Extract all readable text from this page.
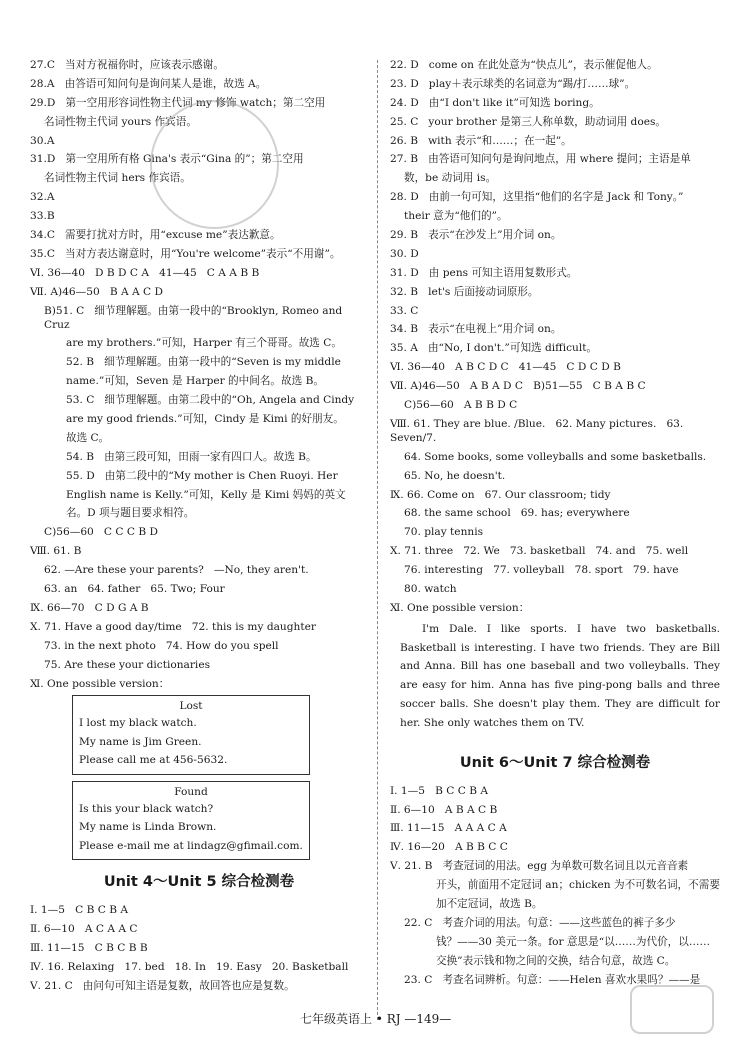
27.C   当对方祝福你时，应该表示感谢。
28.A   由答语可知问句是询问某人是谁，故选 A。
29.D   第一空用形容词性物主代词 my 修饰 watch；第二空用
名词性物主代词 yours 作宾语。
30.A
31.D   第一空用所有格 Gina's 表示“Gina 的”；第二空用
名词性物主代词 hers 作宾语。
32.A
33.B
34.C   需要打扰对方时，用“excuse me”表达歉意。
35.C   当对方表达谢意时，用“You're welcome”表示“不用谢”。
Ⅵ. 36—40   D B D C A   41—45   C A A B B
Ⅶ. A)46—50   B A A C D
B)51. C   细节理解题。由第一段中的“Brooklyn, Romeo and Cruz
are my brothers.”可知，Harper 有三个哥哥。故选 C。
52. B   细节理解题。由第一段中的“Seven is my middle
name.”可知，Seven 是 Harper 的中间名。故选 B。
53. C   细节理解题。由第二段中的“Oh, Angela and Cindy
are my good friends.”可知，Cindy 是 Kimi 的好朋友。
故选 C。
54. B   由第三段可知，田雨一家有四口人。故选 B。
55. D   由第二段中的“My mother is Chen Ruoyi. Her
English name is Kelly.”可知，Kelly 是 Kimi 妈妈的英文
名。D 项与题目要求相符。
C)56—60   C C C B D
Ⅷ. 61. B
62. —Are these your parents?   —No, they aren't.
63. an   64. father   65. Two; Four
Ⅸ. 66—70   C D G A B
Ⅹ. 71. Have a good day/time   72. this is my daughter
73. in the next photo   74. How do you spell
75. Are these your dictionaries
Ⅺ. One possible version：
Lost
I lost my black watch.
My name is Jim Green.
Please call me at 456-5632.
Found
Is this your black watch?
My name is Linda Brown.
Please e-mail me at lindagz@gfimail.com.
Unit 4～Unit 5 综合检测卷
Ⅰ. 1—5   C B C B A
Ⅱ. 6—10   A C A A C
Ⅲ. 11—15   C B C B B
Ⅳ. 16. Relaxing   17. bed   18. In   19. Easy   20. Basketball
Ⅴ. 21. C   由问句可知主语是复数，故回答也应是复数。
22. D   come on 在此处意为“快点儿”，表示催促他人。
23. D   play＋表示球类的名词意为“踢/打……球”。
24. D   由“I don't like it”可知选 boring。
25. C   your brother 是第三人称单数，助动词用 does。
26. B   with 表示“和……；在一起”。
27. B   由答语可知问句是询问地点，用 where 提问；主语是单
数，be 动词用 is。
28. D   由前一句可知，这里指“他们的名字是 Jack 和 Tony。”
their 意为“他们的”。
29. B   表示“在沙发上”用介词 on。
30. D
31. D   由 pens 可知主语用复数形式。
32. B   let's 后面接动词原形。
33. C
34. B   表示“在电视上”用介词 on。
35. A   由“No, I don't.”可知选 difficult。
Ⅵ. 36—40   A B C D C   41—45   C D C D B
Ⅶ. A)46—50   A B A D C   B)51—55   C B A B C
C)56—60   A B B D C
Ⅷ. 61. They are blue. /Blue.   62. Many pictures.   63. Seven/7.
64. Some books, some volleyballs and some basketballs.
65. No, he doesn't.
Ⅸ. 66. Come on   67. Our classroom; tidy
68. the same school   69. has; everywhere
70. play tennis
Ⅹ. 71. three   72. We   73. basketball   74. and   75. well
76. interesting   77. volleyball   78. sport   79. have
80. watch
Ⅺ. One possible version：

I'm Dale. I like sports. I have two basketballs. Basketball is interesting. I have two friends. They are Bill and Anna. Bill has one baseball and two volleyballs. They are easy for him. Anna has five ping-pong balls and three soccer balls. She doesn't play them. They are difficult for her. She only watches them on TV.

Unit 6～Unit 7 综合检测卷
Ⅰ. 1—5   B C C B A
Ⅱ. 6—10   A B A C B
Ⅲ. 11—15   A A A C A
Ⅳ. 16—20   A B B C C
Ⅴ. 21. B   考查冠词的用法。egg 为单数可数名词且以元音音素
开头，前面用不定冠词 an；chicken 为不可数名词，不需要
加不定冠词，故选 B。
22. C   考查介词的用法。句意：——这些蓝色的裤子多少
钱？——30 美元一条。for 意思是“以……为代价，以……
交换”表示钱和物之间的交换，结合句意，故选 C。
23. C   考查名词辨析。句意：——Helen 喜欢水果吗？——是
七年级英语上 • RJ —149—
